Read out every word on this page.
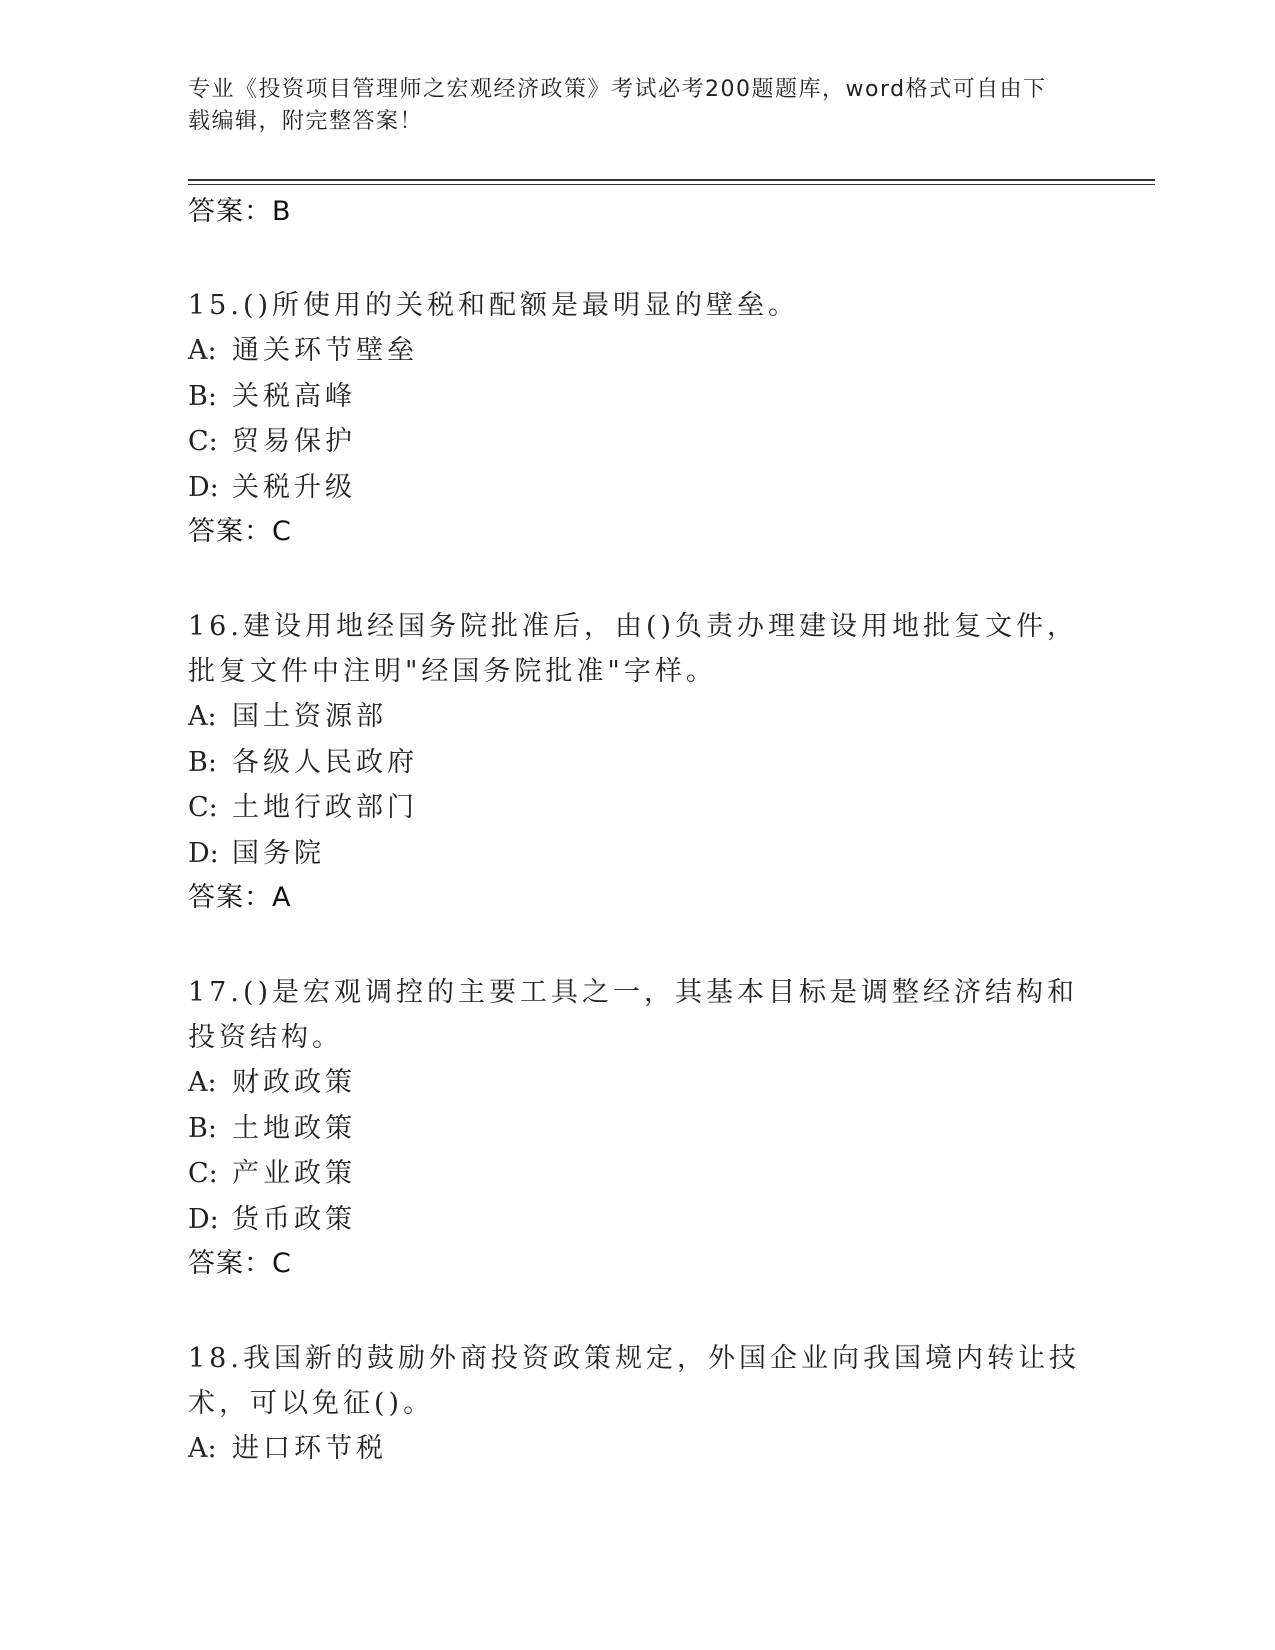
专业《投资项目管理师之宏观经济政策》考试必考200题题库，word格式可自由下载编辑，附完整答案！
答案：B
15.()所使用的关税和配额是最明显的壁垒。
A: 通关环节壁垒
B: 关税高峰
C: 贸易保护
D: 关税升级
答案：C
16.建设用地经国务院批准后，由()负责办理建设用地批复文件，批复文件中注明"经国务院批准"字样。
A: 国土资源部
B: 各级人民政府
C: 土地行政部门
D: 国务院
答案：A
17.()是宏观调控的主要工具之一，其基本目标是调整经济结构和投资结构。
A: 财政政策
B: 土地政策
C: 产业政策
D: 货币政策
答案：C
18.我国新的鼓励外商投资政策规定，外国企业向我国境内转让技术，可以免征()。
A: 进口环节税
